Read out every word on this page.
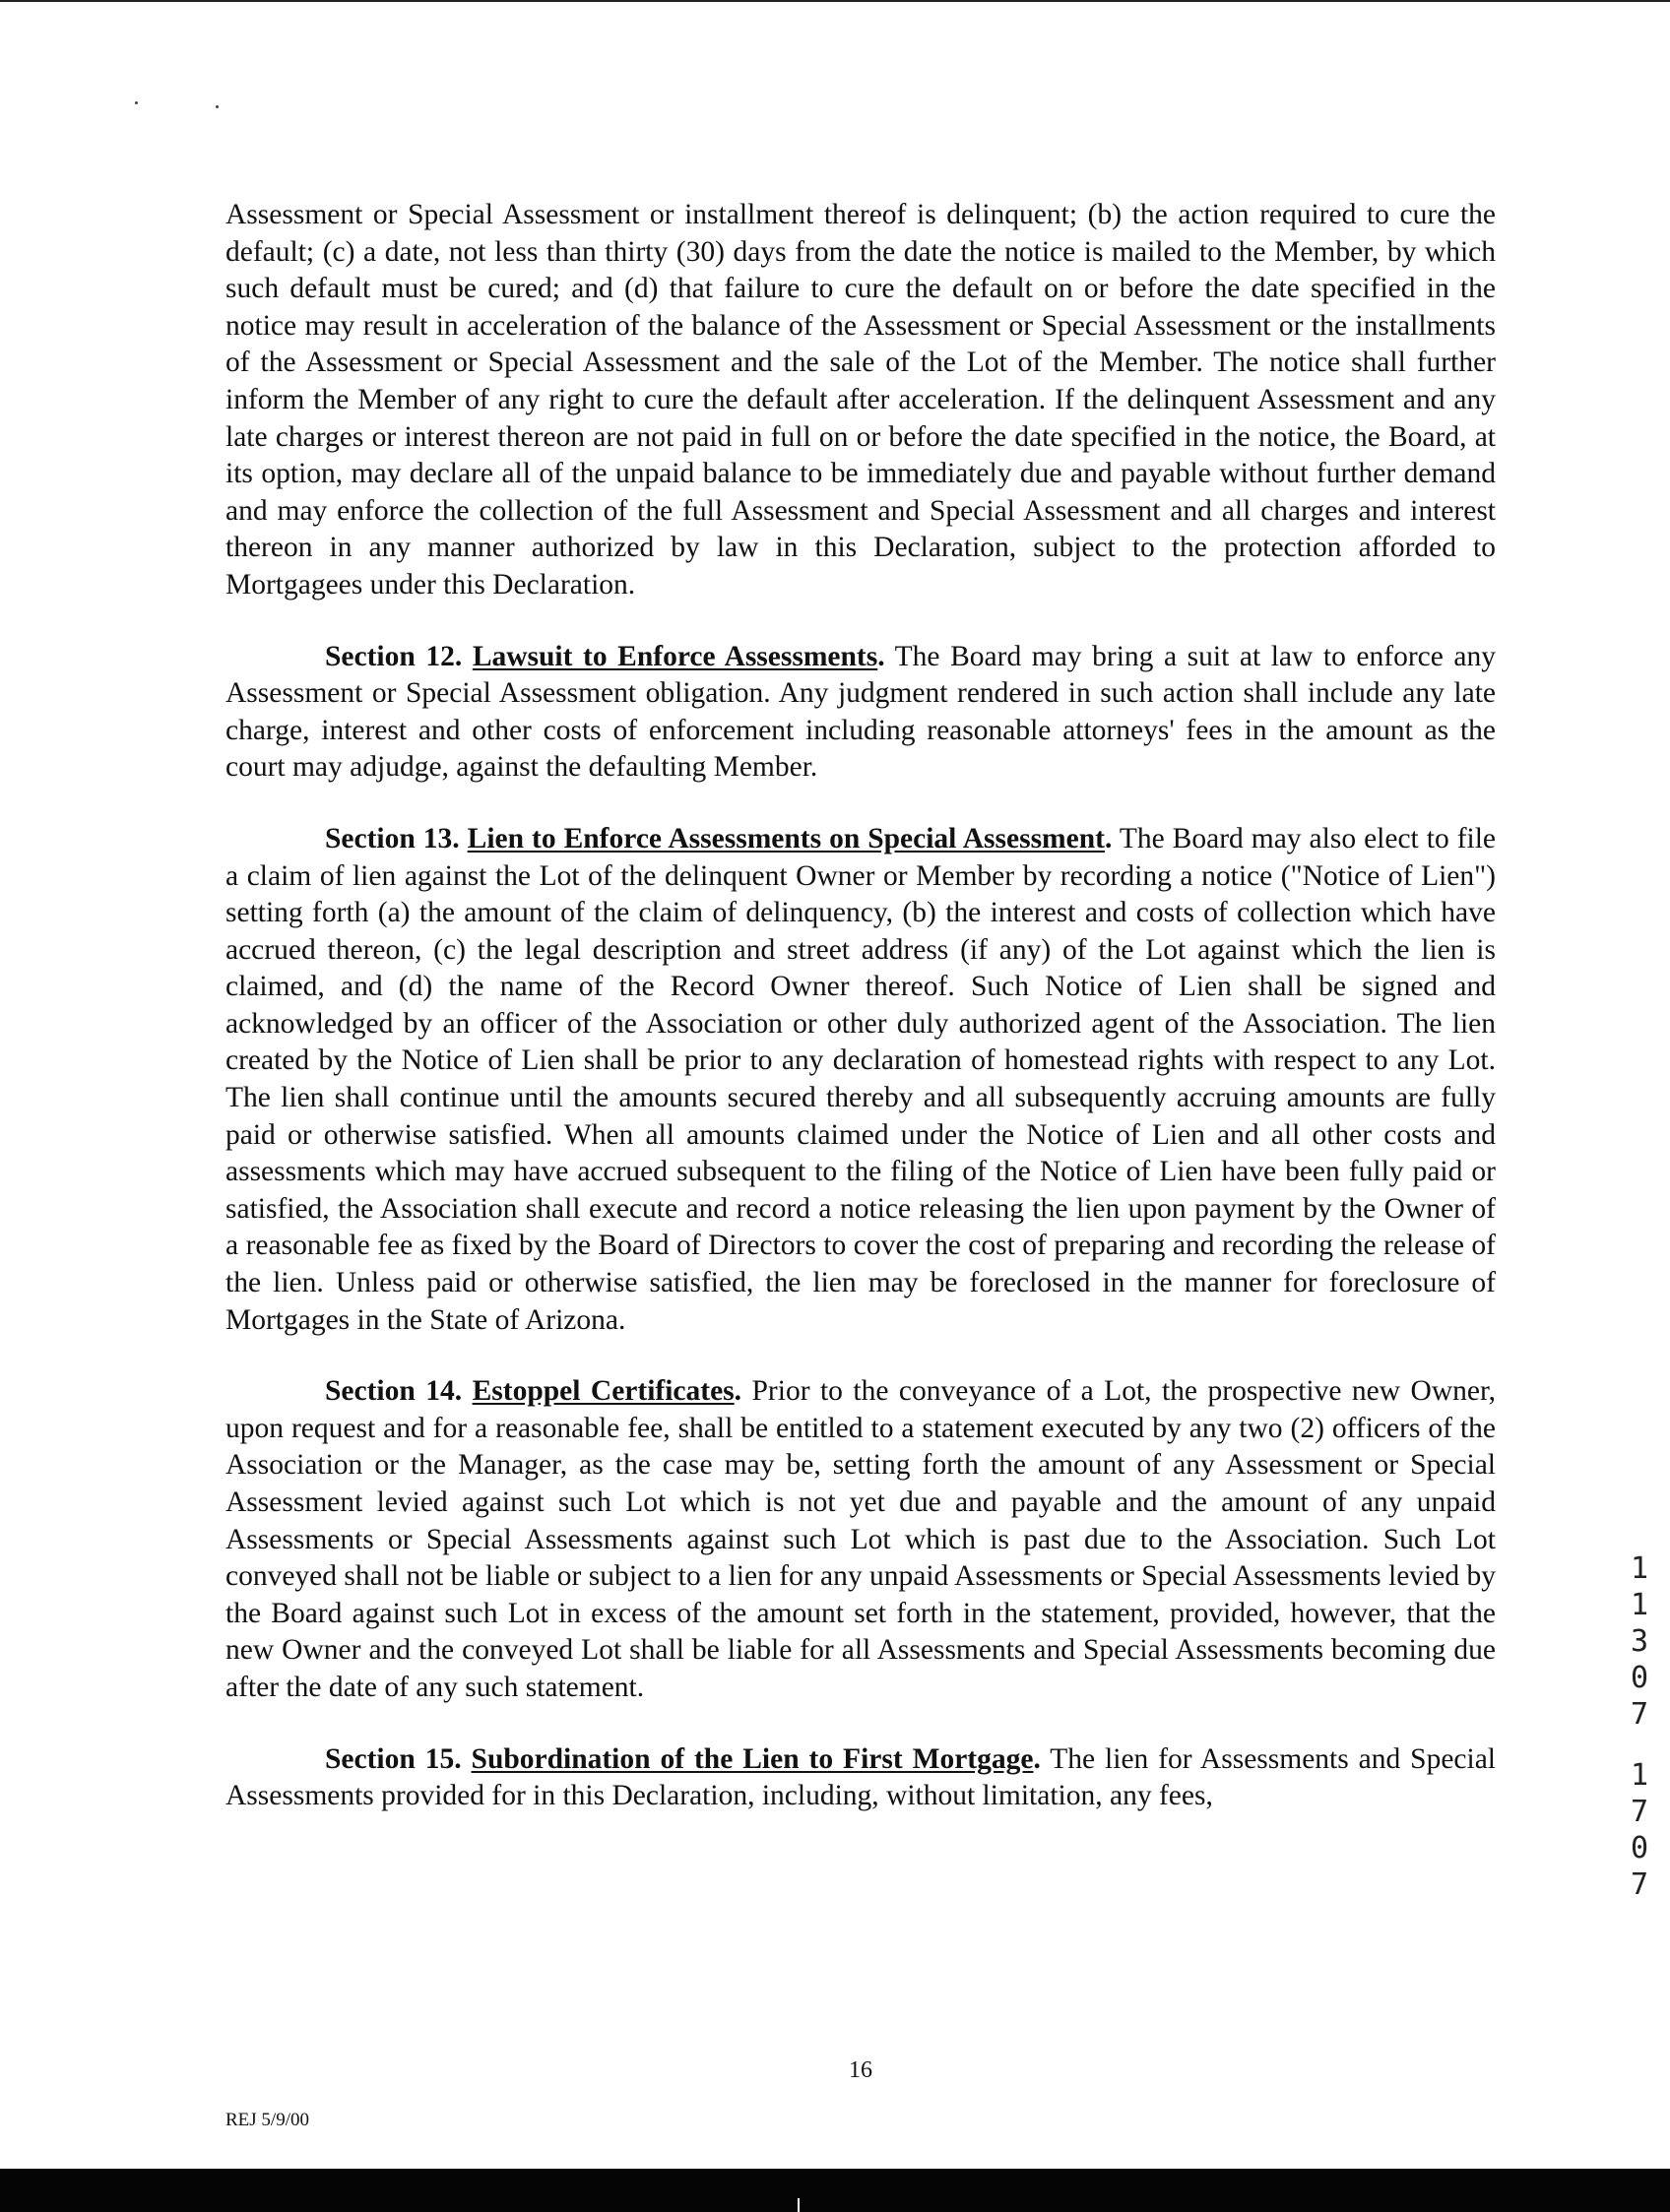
Assessment or Special Assessment or installment thereof is delinquent; (b) the action required to cure the default; (c) a date, not less than thirty (30) days from the date the notice is mailed to the Member, by which such default must be cured; and (d) that failure to cure the default on or before the date specified in the notice may result in acceleration of the balance of the Assessment or Special Assessment or the installments of the Assessment or Special Assessment and the sale of the Lot of the Member. The notice shall further inform the Member of any right to cure the default after acceleration. If the delinquent Assessment and any late charges or interest thereon are not paid in full on or before the date specified in the notice, the Board, at its option, may declare all of the unpaid balance to be immediately due and payable without further demand and may enforce the collection of the full Assessment and Special Assessment and all charges and interest thereon in any manner authorized by law in this Declaration, subject to the protection afforded to Mortgagees under this Declaration.

Section 12. Lawsuit to Enforce Assessments. The Board may bring a suit at law to enforce any Assessment or Special Assessment obligation. Any judgment rendered in such action shall include any late charge, interest and other costs of enforcement including reasonable attorneys' fees in the amount as the court may adjudge, against the defaulting Member.

Section 13. Lien to Enforce Assessments on Special Assessment. The Board may also elect to file a claim of lien against the Lot of the delinquent Owner or Member by recording a notice ("Notice of Lien") setting forth (a) the amount of the claim of delinquency, (b) the interest and costs of collection which have accrued thereon, (c) the legal description and street address (if any) of the Lot against which the lien is claimed, and (d) the name of the Record Owner thereof. Such Notice of Lien shall be signed and acknowledged by an officer of the Association or other duly authorized agent of the Association. The lien created by the Notice of Lien shall be prior to any declaration of homestead rights with respect to any Lot. The lien shall continue until the amounts secured thereby and all subsequently accruing amounts are fully paid or otherwise satisfied. When all amounts claimed under the Notice of Lien and all other costs and assessments which may have accrued subsequent to the filing of the Notice of Lien have been fully paid or satisfied, the Association shall execute and record a notice releasing the lien upon payment by the Owner of a reasonable fee as fixed by the Board of Directors to cover the cost of preparing and recording the release of the lien. Unless paid or otherwise satisfied, the lien may be foreclosed in the manner for foreclosure of Mortgages in the State of Arizona.

Section 14. Estoppel Certificates. Prior to the conveyance of a Lot, the prospective new Owner, upon request and for a reasonable fee, shall be entitled to a statement executed by any two (2) officers of the Association or the Manager, as the case may be, setting forth the amount of any Assessment or Special Assessment levied against such Lot which is not yet due and payable and the amount of any unpaid Assessments or Special Assessments against such Lot which is past due to the Association. Such Lot conveyed shall not be liable or subject to a lien for any unpaid Assessments or Special Assessments levied by the Board against such Lot in excess of the amount set forth in the statement, provided, however, that the new Owner and the conveyed Lot shall be liable for all Assessments and Special Assessments becoming due after the date of any such statement.

Section 15. Subordination of the Lien to First Mortgage. The lien for Assessments and Special Assessments provided for in this Declaration, including, without limitation, any fees,

1
1
3
0
7
1
7
0
7
16
REJ 5/9/00
